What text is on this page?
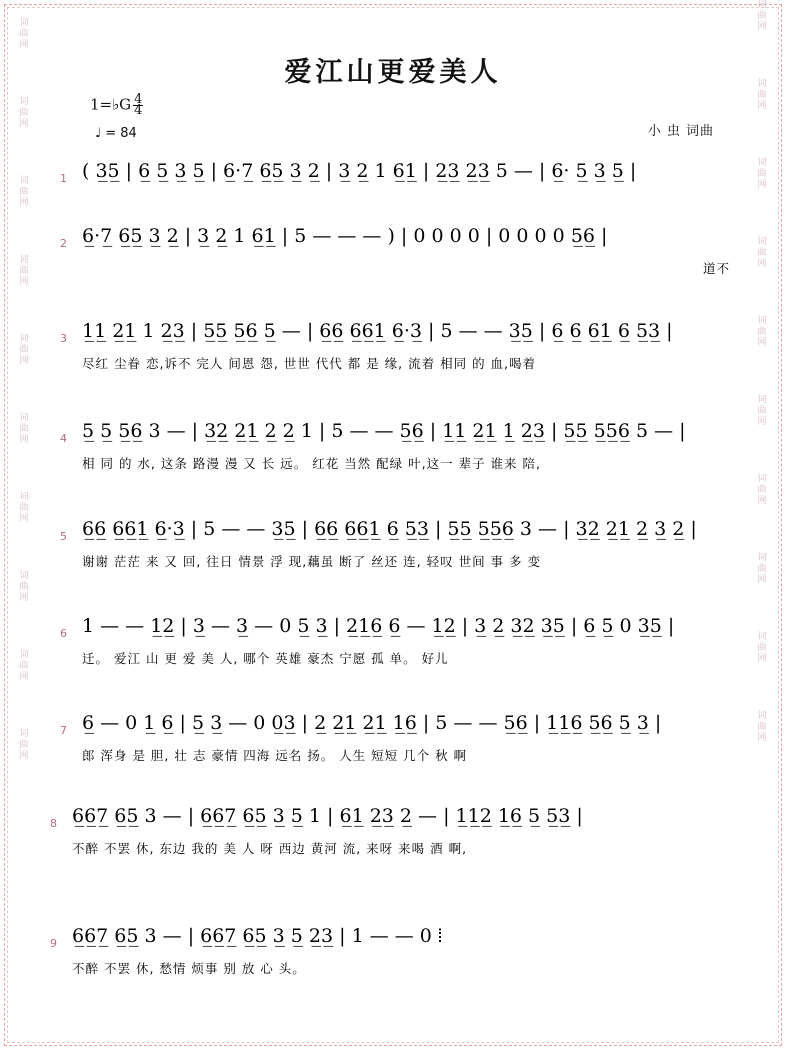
词
曲
网
词
曲
网
词
曲
网
词
曲
网
词
曲
网
词
曲
网
词
曲
网
词
曲
网
词
曲
网
词
曲
网
词
曲
网
词
曲
网
词
曲
网
词
曲
网
词
曲
网
词
曲
网
词
曲
网
词
曲
网
词
曲
网
词
曲
网
爱江山更爱美人
1=♭G $\frac{4}{4}$
♩ = 84	小 虫 词曲
1 ( 3̲5̲ | 6̲ 5̲ 3̲ 5̲ | 6̲·7̲ 6̲5̲ 3̲ 2̲ | 3̲ 2̲ 1 6̲1̲ | 2̲3̲ 2̲3̲ 5 — | 6̲· 5̲ 3̲ 5̲ |
2 6̲·7̲ 6̲5̲ 3̲ 2̲ | 3̲ 2̲ 1 6̲1̲ | 5 — — — ) | 0 0 0 0 | 0 0 0 0 5̲6̲ |
道不
3 1̲1̲ 2̲1̲ 1 2̲3̲ | 5̲5̲ 5̲6̲ 5̲ — | 6̲6̲ 6̲6̲1̲ 6̲·3̲ | 5 — — 3̲5̲ | 6̲ 6̲ 6̲1̲ 6̲ 5̲3̲ |
尽红 尘眷 恋,诉不 完人 间恩 怨, 世世 代代 都 是 缘, 流着 相同 的 血,喝着
4 5̲ 5̲ 5̲6̲ 3 — | 3̲2̲ 2̲1̲ 2̲ 2̲ 1 | 5 — — 5̲6̲ | 1̲1̲ 2̲1̲ 1̲ 2̲3̲ | 5̲5̲ 5̲5̲6̲ 5 — |
相 同 的 水, 这条 路漫 漫 又 长 远。 红花 当然 配绿 叶,这一 辈子 谁来 陪,
5 6̲6̲ 6̲6̲1̲ 6̲·3̲ | 5 — — 3̲5̲ | 6̲6̲ 6̲6̲1̲ 6̲ 5̲3̲ | 5̲5̲ 5̲5̲6̲ 3 — | 3̲2̲ 2̲1̲ 2̲ 3̲ 2̲ |
谢谢 茫茫 来 又 回, 往日 情景 浮 现,藕虽 断了 丝还 连, 轻叹 世间 事 多 变
6 1 — — 1̲2̲ | 3̲ — 3̲ — 0 5̲ 3̲ | 2̲1̲6̲ 6̲ — 1̲2̲ | 3̲ 2̲ 3̲2̲ 3̲5̲ | 6̲ 5̲ 0 3̲5̲ |
迁。 爱江 山 更 爱 美 人, 哪个 英雄 豪杰 宁愿 孤 单。 好儿
7 6̲ — 0 1̲ 6̲ | 5̲ 3̲ — 0 0̲3̲ | 2̲ 2̲1̲ 2̲1̲ 1̲6̲ | 5 — — 5̲6̲ | 1̲1̲6̲ 5̲6̲ 5̲ 3̲ |
郎 浑身 是 胆, 壮 志 豪情 四海 远名 扬。 人生 短短 几个 秋 啊
8 6̲6̲7̲ 6̲5̲ 3 — | 6̲6̲7̲ 6̲5̲ 3̲ 5̲ 1 | 6̲1̲ 2̲3̲ 2̲ — | 1̲1̲2̲ 1̲6̲ 5̲ 5̲3̲ |
不醉 不罢 休, 东边 我的 美 人 呀 西边 黄河 流, 来呀 来喝 酒 啊,
9 6̲6̲7̲ 6̲5̲ 3 — | 6̲6̲7̲ 6̲5̲ 3̲ 5̲ 2̲3̲ | 1 — — 0 ⦙
不醉 不罢 休, 愁情 烦事 别 放 心 头。
